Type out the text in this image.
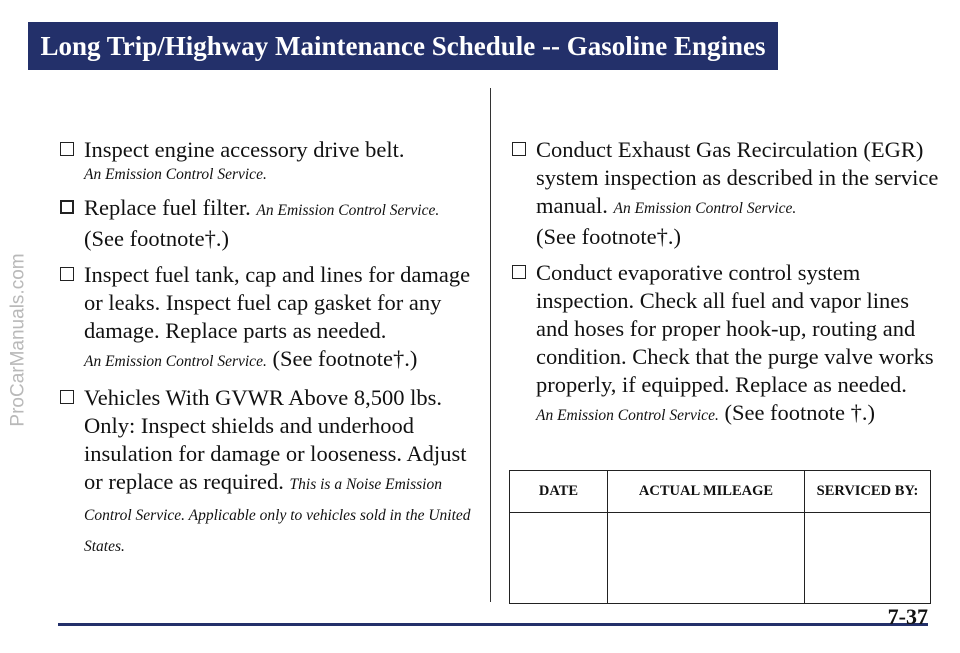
Long Trip/Highway Maintenance Schedule -- Gasoline Engines
ProCarManuals.com
Inspect engine accessory drive belt.
An Emission Control Service.
Replace fuel filter. An Emission Control Service.
(See footnote†.)
Inspect fuel tank, cap and lines for damage or leaks. Inspect fuel cap gasket for any damage. Replace parts as needed.
An Emission Control Service. (See footnote†.)
Vehicles With GVWR Above 8,500 lbs. Only: Inspect shields and underhood insulation for damage or looseness. Adjust or replace as required. This is a Noise Emission Control Service. Applicable only to vehicles sold in the United States.
Conduct Exhaust Gas Recirculation (EGR) system inspection as described in the service manual. An Emission Control Service.
(See footnote†.)
Conduct evaporative control system inspection. Check all fuel and vapor lines and hoses for proper hook-up, routing and condition. Check that the purge valve works properly, if equipped. Replace as needed.
An Emission Control Service. (See footnote †.)
DATE	ACTUAL MILEAGE	SERVICED BY:
7-37
